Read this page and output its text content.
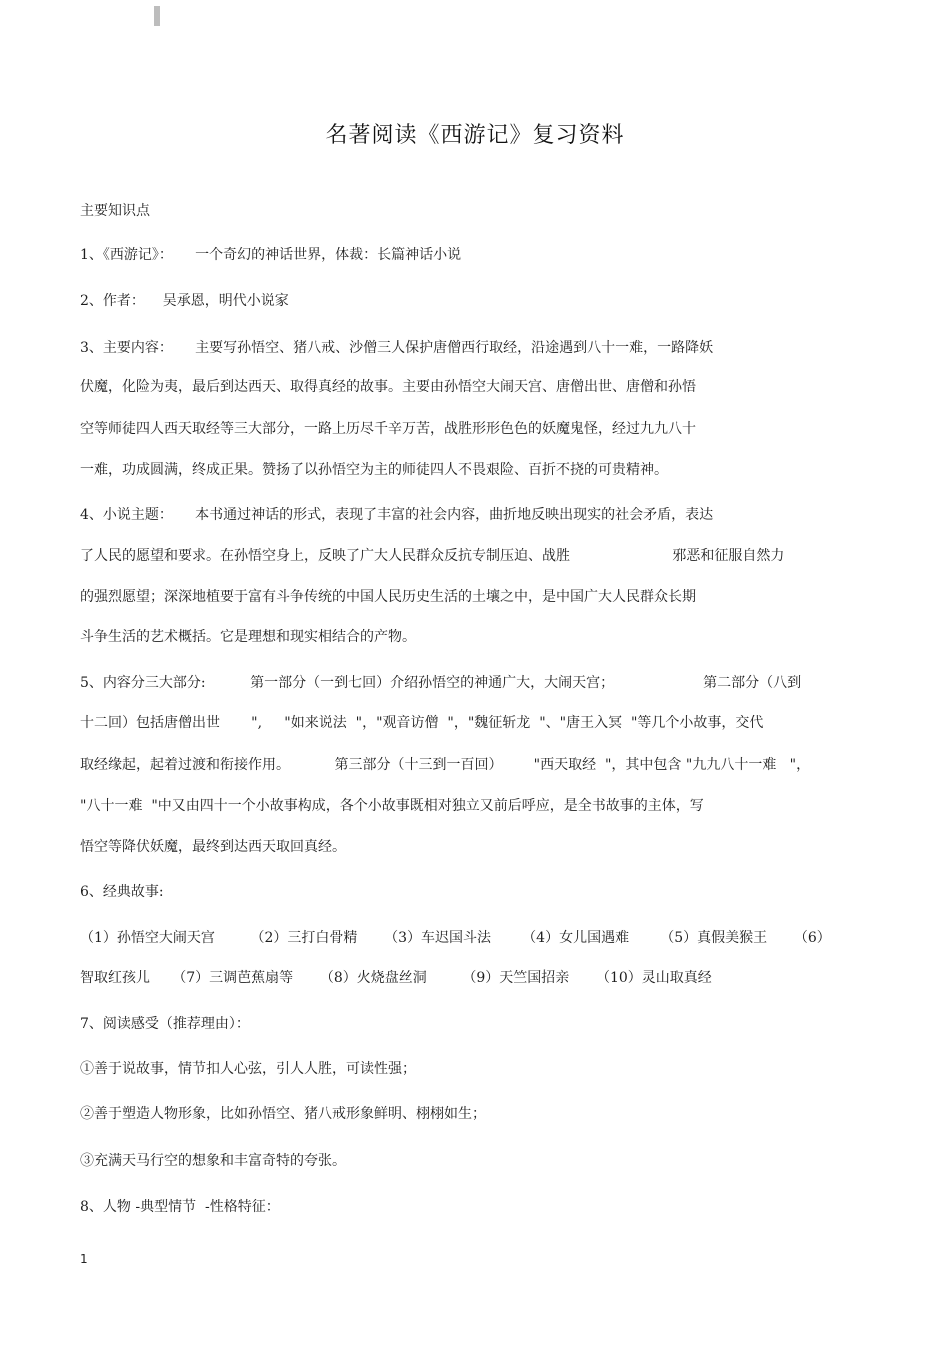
名著阅读《西游记》复习资料
主要知识点
1、《西游记》：     一个奇幻的神话世界，体裁：长篇神话小说
2、作者：    吴承恩，明代小说家
3、主要内容：     主要写孙悟空、猪八戒、沙僧三人保护唐僧西行取经，沿途遇到八十一难，一路降妖
伏魔，化险为夷，最后到达西天、取得真经的故事。主要由孙悟空大闹天宫、唐僧出世、唐僧和孙悟
空等师徒四人西天取经等三大部分，一路上历尽千辛万苦，战胜形形色色的妖魔鬼怪，经过九九八十
一难，功成圆满，终成正果。赞扬了以孙悟空为主的师徒四人不畏艰险、百折不挠的可贵精神。
4、小说主题：     本书通过神话的形式，表现了丰富的社会内容，曲折地反映出现实的社会矛盾，表达
了人民的愿望和要求。在孙悟空身上，反映了广大人民群众反抗专制压迫、战胜                       邪恶和征服自然力
的强烈愿望；深深地植要于富有斗争传统的中国人民历史生活的土壤之中，是中国广大人民群众长期
斗争生活的艺术概括。它是理想和现实相结合的产物。
5、内容分三大部分:          第一部分（一到七回）介绍孙悟空的神通广大，大闹天宫；                    第二部分（八到
十二回）包括唐僧出世       ",     "如来说法  "，"观音访僧  "，"魏征斩龙  "、"唐王入冥  "等几个小故事，交代
取经缘起，起着过渡和衔接作用。          第三部分（十三到一百回）       "西天取经  "，其中包含 "九九八十一难   "，
"八十一难  "中又由四十一个小故事构成，各个小故事既相对独立又前后呼应，是全书故事的主体，写
悟空等降伏妖魔，最终到达西天取回真经。
6、经典故事:
（1）孙悟空大闹天宫        （2）三打白骨精      （3）车迟国斗法       （4）女儿国遇难       （5）真假美猴王      （6）
智取红孩儿     （7）三调芭蕉扇等      （8）火烧盘丝洞        （9）天竺国招亲      （10）灵山取真经
7、阅读感受（推荐理由）：
①善于说故事，情节扣人心弦，引人人胜，可读性强；
②善于塑造人物形象，比如孙悟空、猪八戒形象鲜明、栩栩如生；
③充满天马行空的想象和丰富奇特的夸张。
8、人物 -典型情节  -性格特征：
1
